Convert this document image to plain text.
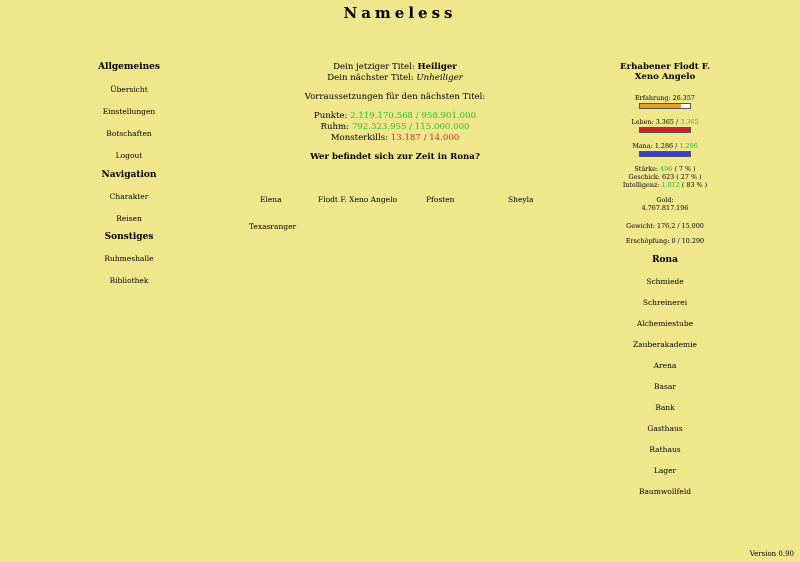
Nameless
Allgemeines
Übersicht
Einstellungen
Botschaften
Logout
Navigation
Charakter
Reisen
Sonstiges
Ruhmeshalle
Bibliothek
Dein jetziger Titel: Heiliger
Dein nächster Titel: Unheiliger
Vorraussetzungen für den nächsten Titel:
Punkte: 2.119.170.568 / 958.901.000
Ruhm: 792.323.955 / 115.000.000
Monsterkills: 13.187 / 14.000
Wer befindet sich zur Zeit in Rona?
Elena	Flodt F. Xeno Angelo	Pfosten	Sheyla
Texasranger
Erhabener Flodt F.
Xeno Angelo
Erfahrung: 26.357
Leben: 3.365 / 3.365
Mana: 1.286 / 1.286
Stärke: 496 ( 7 % )
Geschick: 623 ( 27 % )
Intelligenz: 1.012 ( 83 % )
Gold:
4.767.817.196
Gewicht: 176,2 / 15.000
Erschöpfung: 0 / 10.290
Rona
Schmiede
Schreinerei
Alchemiestube
Zauberakademie
Arena
Basar
Bank
Gasthaus
Rathaus
Lager
Baumwollfeld
Version 0.90
